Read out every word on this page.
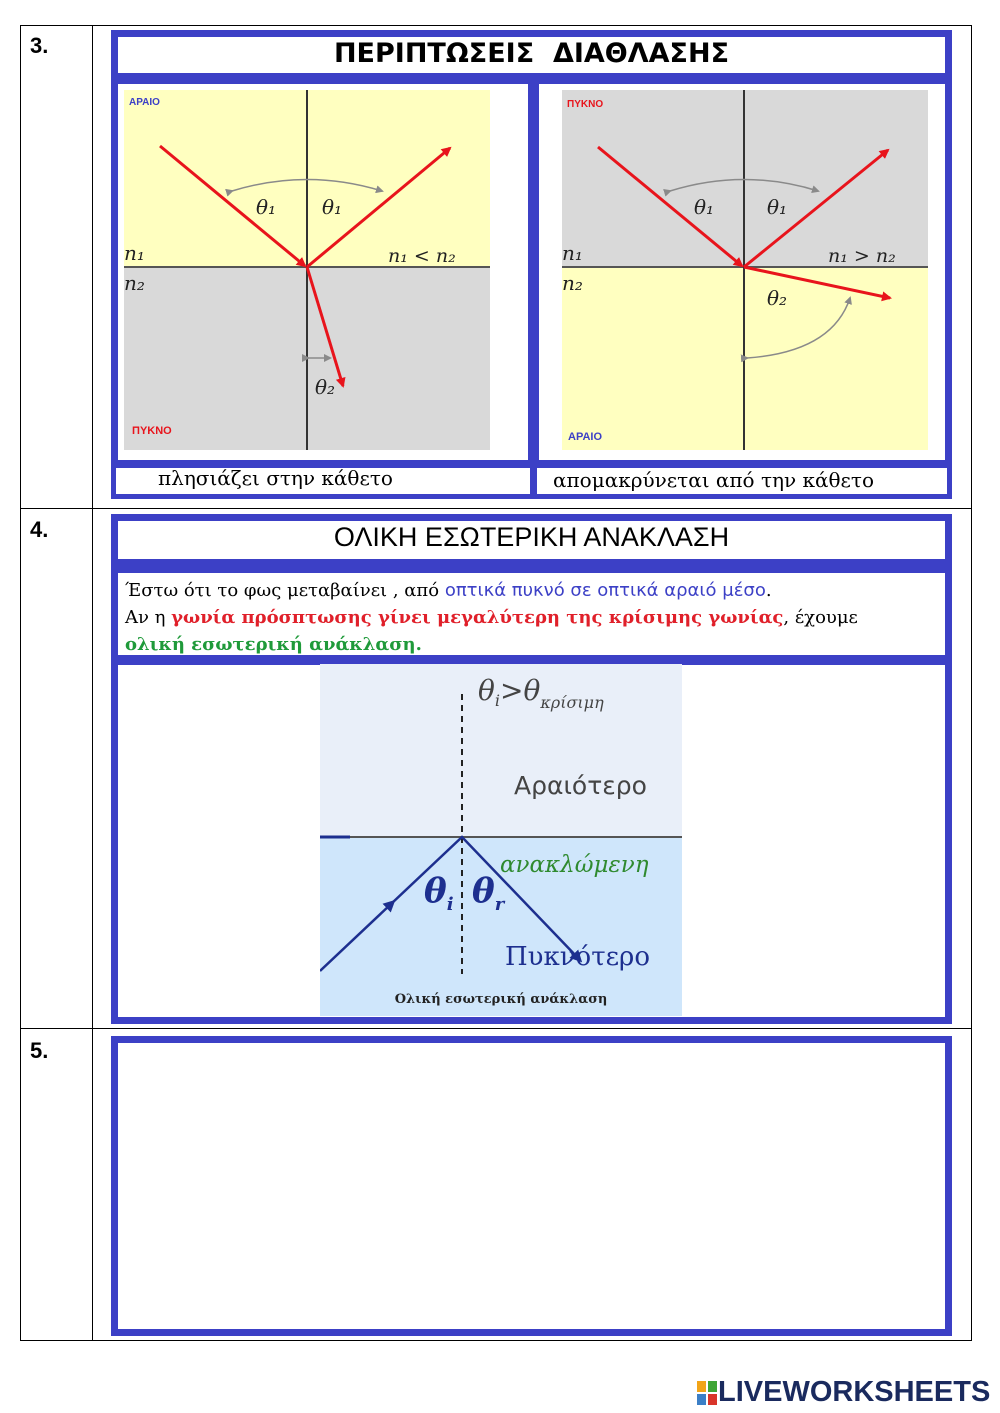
3.
4.
5.
ΠΕΡΙΠΤΩΣΕΙΣ  ΔΙΑΘΛΑΣΗΣ
ΑΡΑΙΟ
ΠΥΚΝΟ
n₁
n₂
n₁ < n₂
θ₁ θ₁
θ₂
ΠΥΚΝΟ
ΑΡΑΙΟ
n₁
n₂
n₁ > n₂
θ₁	θ₁
θ₂
πλησιάζει στην κάθετο	απομακρύνεται από την κάθετο
ΟΛΙΚΗ ΕΣΩΤΕΡΙΚΗ ΑΝΑΚΛΑΣΗ
Έστω ότι το φως μεταβαίνει , από οπτικά πυκνό σε οπτικά αραιό μέσο.
Αν η γωνία πρόσπτωσης γίνει μεγαλύτερη της κρίσιμης γωνίας, έχουμε
ολική εσωτερική ανάκλαση.
$\theta_i>\theta_{\kappa\rho ί\sigma\iota\mu\eta}$
Αραιότερο
ανακλώμενη
Πυκνότερο
$\theta_i$ $\theta_r$
Ολική εσωτερική ανάκλαση
LIVEWORKSHEETS
